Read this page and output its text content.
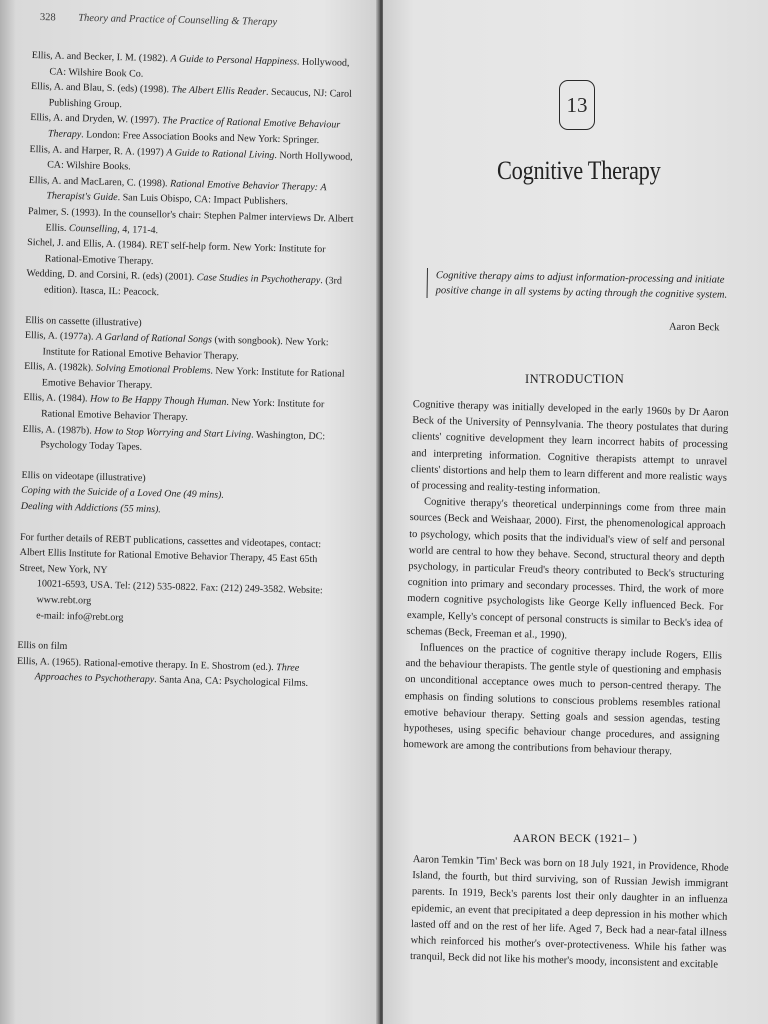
328 Theory and Practice of Counselling & Therapy

Ellis, A. and Becker, I. M. (1982). A Guide to Personal Happiness. Hollywood, CA: Wilshire Book Co.

Ellis, A. and Blau, S. (eds) (1998). The Albert Ellis Reader. Secaucus, NJ: Carol Publishing Group.

Ellis, A. and Dryden, W. (1997). The Practice of Rational Emotive Behaviour Therapy. London: Free Association Books and New York: Springer.

Ellis, A. and Harper, R. A. (1997) A Guide to Rational Living. North Hollywood, CA: Wilshire Books.

Ellis, A. and MacLaren, C. (1998). Rational Emotive Behavior Therapy: A Therapist's Guide. San Luis Obispo, CA: Impact Publishers.

Palmer, S. (1993). In the counsellor's chair: Stephen Palmer interviews Dr. Albert Ellis. Counselling, 4, 171-4.

Sichel, J. and Ellis, A. (1984). RET self-help form. New York: Institute for Rational-Emotive Therapy.

Wedding, D. and Corsini, R. (eds) (2001). Case Studies in Psychotherapy. (3rd edition). Itasca, IL: Peacock.

Ellis on cassette (illustrative)

Ellis, A. (1977a). A Garland of Rational Songs (with songbook). New York: Institute for Rational Emotive Behavior Therapy.

Ellis, A. (1982k). Solving Emotional Problems. New York: Institute for Rational Emotive Behavior Therapy.

Ellis, A. (1984). How to Be Happy Though Human. New York: Institute for Rational Emotive Behavior Therapy.

Ellis, A. (1987b). How to Stop Worrying and Start Living. Washington, DC: Psychology Today Tapes.

Ellis on videotape (illustrative)

Coping with the Suicide of a Loved One (49 mins).

Dealing with Addictions (55 mins).

For further details of REBT publications, cassettes and videotapes, contact:

Albert Ellis Institute for Rational Emotive Behavior Therapy, 45 East 65th Street, New York, NY

10021-6593, USA. Tel: (212) 535-0822. Fax: (212) 249-3582. Website: www.rebt.org

e-mail: info@rebt.org

Ellis on film

Ellis, A. (1965). Rational-emotive therapy. In E. Shostrom (ed.). Three Approaches to Psychotherapy. Santa Ana, CA: Psychological Films.

13
Cognitive Therapy
Cognitive therapy aims to adjust information-processing and initiate positive change in all systems by acting through the cognitive system.
Aaron Beck
INTRODUCTION

Cognitive therapy was initially developed in the early 1960s by Dr Aaron Beck of the University of Pennsylvania. The theory postulates that during clients' cognitive development they learn incorrect habits of processing and interpreting information. Cognitive therapists attempt to unravel clients' distortions and help them to learn different and more realistic ways of processing and reality-testing information.

Cognitive therapy's theoretical underpinnings come from three main sources (Beck and Weishaar, 2000). First, the phenomenological approach to psychology, which posits that the individual's view of self and personal world are central to how they behave. Second, structural theory and depth psychology, in particular Freud's theory contributed to Beck's structuring cognition into primary and secondary processes. Third, the work of more modern cognitive psychologists like George Kelly influenced Beck. For example, Kelly's concept of personal constructs is similar to Beck's idea of schemas (Beck, Freeman et al., 1990).

Influences on the practice of cognitive therapy include Rogers, Ellis and the behaviour therapists. The gentle style of questioning and emphasis on unconditional acceptance owes much to person-centred therapy. The emphasis on finding solutions to conscious problems resembles rational emotive behaviour therapy. Setting goals and session agendas, testing hypotheses, using specific behaviour change procedures, and assigning homework are among the contributions from behaviour therapy.

AARON BECK (1921– )

Aaron Temkin 'Tim' Beck was born on 18 July 1921, in Providence, Rhode Island, the fourth, but third surviving, son of Russian Jewish immigrant parents. In 1919, Beck's parents lost their only daughter in an influenza epidemic, an event that precipitated a deep depression in his mother which lasted off and on the rest of her life. Aged 7, Beck had a near-fatal illness which reinforced his mother's over-protectiveness. While his father was tranquil, Beck did not like his mother's moody, inconsistent and excitable
